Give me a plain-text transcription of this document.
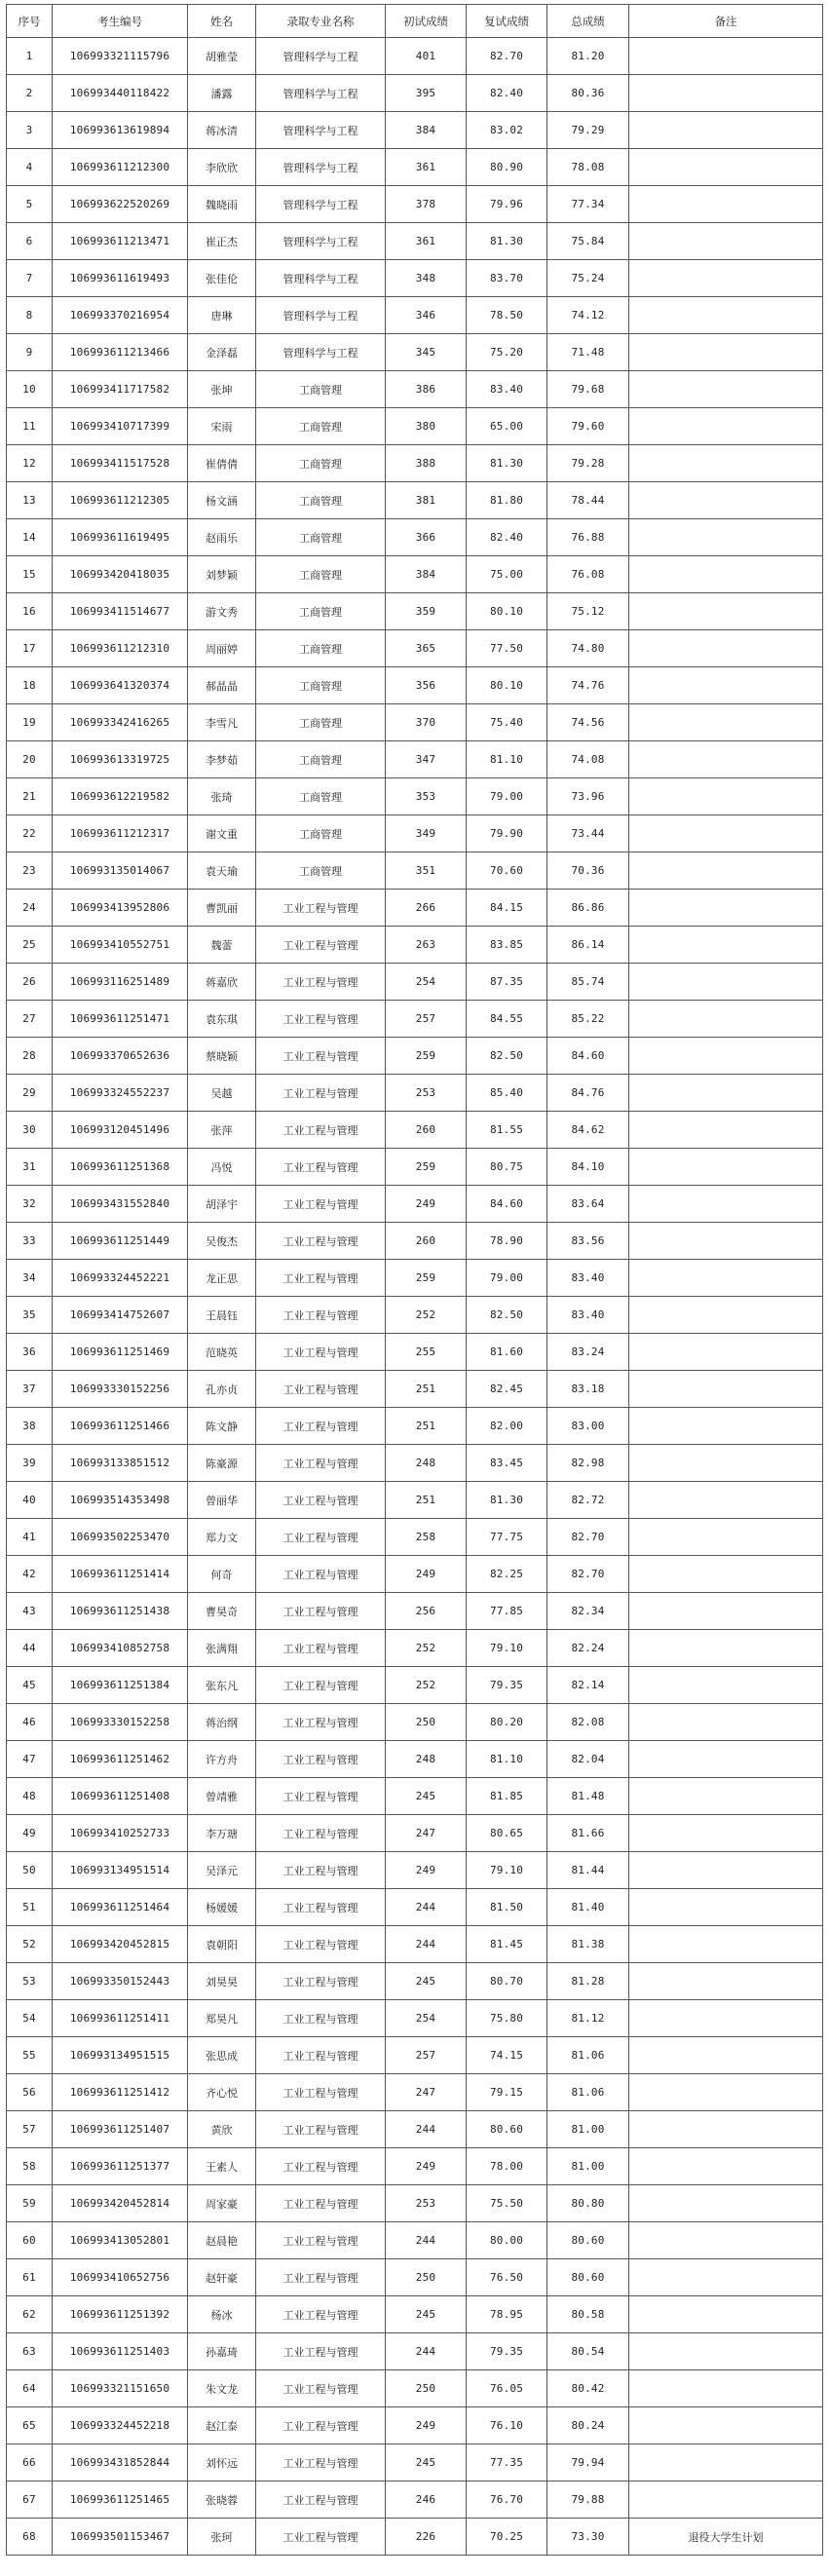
序号	考生编号	姓名	录取专业名称	初试成绩	复试成绩	总成绩	备注
1	106993321115796	胡雅莹	管理科学与工程	401	82.70	81.20	
2	106993440118422	潘露	管理科学与工程	395	82.40	80.36	
3	106993613619894	蒋冰清	管理科学与工程	384	83.02	79.29	
4	106993611212300	李欣欣	管理科学与工程	361	80.90	78.08	
5	106993622520269	魏晓雨	管理科学与工程	378	79.96	77.34	
6	106993611213471	崔正杰	管理科学与工程	361	81.30	75.84	
7	106993611619493	张佳伦	管理科学与工程	348	83.70	75.24	
8	106993370216954	唐琳	管理科学与工程	346	78.50	74.12	
9	106993611213466	金泽磊	管理科学与工程	345	75.20	71.48	
10	106993411717582	张坤	工商管理	386	83.40	79.68	
11	106993410717399	宋雨	工商管理	380	65.00	79.60	
12	106993411517528	崔倩倩	工商管理	388	81.30	79.28	
13	106993611212305	杨文涵	工商管理	381	81.80	78.44	
14	106993611619495	赵雨乐	工商管理	366	82.40	76.88	
15	106993420418035	刘梦颖	工商管理	384	75.00	76.08	
16	106993411514677	游文秀	工商管理	359	80.10	75.12	
17	106993611212310	周丽婷	工商管理	365	77.50	74.80	
18	106993641320374	郝晶晶	工商管理	356	80.10	74.76	
19	106993342416265	李雪凡	工商管理	370	75.40	74.56	
20	106993613319725	李梦茹	工商管理	347	81.10	74.08	
21	106993612219582	张琦	工商管理	353	79.00	73.96	
22	106993611212317	谢文重	工商管理	349	79.90	73.44	
23	106993135014067	袁天瑜	工商管理	351	70.60	70.36	
24	106993413952806	曹凯丽	工业工程与管理	266	84.15	86.86	
25	106993410552751	魏蕾	工业工程与管理	263	83.85	86.14	
26	106993116251489	蒋嘉欣	工业工程与管理	254	87.35	85.74	
27	106993611251471	袁东琪	工业工程与管理	257	84.55	85.22	
28	106993370652636	蔡晓颖	工业工程与管理	259	82.50	84.60	
29	106993324552237	吴越	工业工程与管理	253	85.40	84.76	
30	106993120451496	张萍	工业工程与管理	260	81.55	84.62	
31	106993611251368	冯悦	工业工程与管理	259	80.75	84.10	
32	106993431552840	胡泽宇	工业工程与管理	249	84.60	83.64	
33	106993611251449	吴俊杰	工业工程与管理	260	78.90	83.56	
34	106993324452221	龙正思	工业工程与管理	259	79.00	83.40	
35	106993414752607	王晨钰	工业工程与管理	252	82.50	83.40	
36	106993611251469	范晓英	工业工程与管理	255	81.60	83.24	
37	106993330152256	孔亦贞	工业工程与管理	251	82.45	83.18	
38	106993611251466	陈文静	工业工程与管理	251	82.00	83.00	
39	106993133851512	陈豪源	工业工程与管理	248	83.45	82.98	
40	106993514353498	曾丽华	工业工程与管理	251	81.30	82.72	
41	106993502253470	郑力文	工业工程与管理	258	77.75	82.70	
42	106993611251414	何奇	工业工程与管理	249	82.25	82.70	
43	106993611251438	曹昊奇	工业工程与管理	256	77.85	82.34	
44	106993410852758	张满翔	工业工程与管理	252	79.10	82.24	
45	106993611251384	张东凡	工业工程与管理	252	79.35	82.14	
46	106993330152258	蒋治纲	工业工程与管理	250	80.20	82.08	
47	106993611251462	许方舟	工业工程与管理	248	81.10	82.04	
48	106993611251408	曾靖雅	工业工程与管理	245	81.85	81.48	
49	106993410252733	李万瑭	工业工程与管理	247	80.65	81.66	
50	106993134951514	吴泽元	工业工程与管理	249	79.10	81.44	
51	106993611251464	杨媛媛	工业工程与管理	244	81.50	81.40	
52	106993420452815	袁朝阳	工业工程与管理	244	81.45	81.38	
53	106993350152443	刘昊昊	工业工程与管理	245	80.70	81.28	
54	106993611251411	郑昊凡	工业工程与管理	254	75.80	81.12	
55	106993134951515	张思成	工业工程与管理	257	74.15	81.06	
56	106993611251412	齐心悦	工业工程与管理	247	79.15	81.06	
57	106993611251407	黄欣	工业工程与管理	244	80.60	81.00	
58	106993611251377	王素人	工业工程与管理	249	78.00	81.00	
59	106993420452814	周家豪	工业工程与管理	253	75.50	80.80	
60	106993413052801	赵晨艳	工业工程与管理	244	80.00	80.60	
61	106993410652756	赵轩豪	工业工程与管理	250	76.50	80.60	
62	106993611251392	杨冰	工业工程与管理	245	78.95	80.58	
63	106993611251403	孙嘉琦	工业工程与管理	244	79.35	80.54	
64	106993321151650	朱文龙	工业工程与管理	250	76.05	80.42	
65	106993324452218	赵江泰	工业工程与管理	249	76.10	80.24	
66	106993431852844	刘怀远	工业工程与管理	245	77.35	79.94	
67	106993611251465	张晓蓉	工业工程与管理	246	76.70	79.88	
68	106993501153467	张珂	工业工程与管理	226	70.25	73.30	退役大学生计划
